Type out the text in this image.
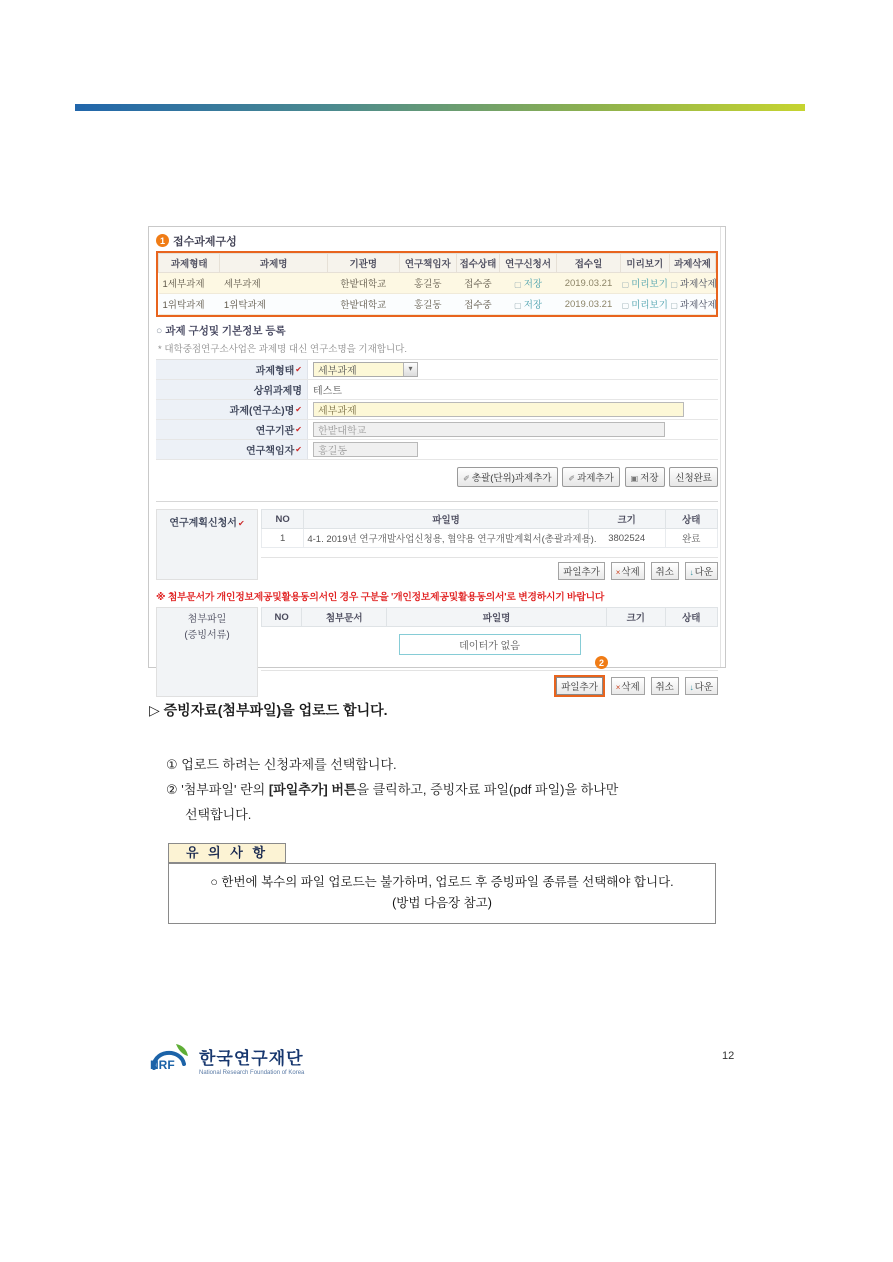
1 접수과제구성
과제형태	과제명	기관명	연구책임자	접수상태	연구신청서	접수일	미리보기	과제삭제
1세부과제	세부과제	한밭대학교	홍길동	접수중	▢ 저장	2019.03.21	▢ 미리보기	▢ 과제삭제
1위탁과제	1위탁과제	한밭대학교	홍길동	접수중	▢ 저장	2019.03.21	▢ 미리보기	▢ 과제삭제
○ 과제 구성및 기본정보 등록
* 대학중점연구소사업은 과제명 대신 연구소명을 기재합니다.
과제형태 ✔ 세부과제	▾
상위과제명 테스트
과제(연구소)명 ✔
세부과제
연구기관 ✔
한밭대학교
연구책임자 ✔
홍길동
✐ 총괄(단위)과제추가 ✐ 과제추가 ▣ 저장 신청완료
연구계획신청서✔	NO	파일명	크기	상태
1	4-1. 2019년 연구개발사업신청용, 협약용 연구개발계획서(총괄과제용).	3802524	완료
파일추가 ×삭제 취소 ↓다운
※ 첨부문서가 개인정보제공및활용동의서인 경우 구분을 '개인정보제공및활용동의서'로 변경하시기 바랍니다
첨부파일
(증빙서류)
NO	첨부문서	파일명	크기	상태
데이터가 없음
2
파일추가 ×삭제 취소 ↓다운
▷ 증빙자료(첨부파일)을 업로드 합니다.
① 업로드 하려는 신청과제를 선택합니다.
② '첨부파일' 란의 [파일추가] 버튼을 클릭하고, 증빙자료 파일(pdf 파일)을 하나만
선택합니다.
유 의 사 항
○ 한번에 복수의 파일 업로드는 불가하며, 업로드 후 증빙파일 종류를 선택해야 합니다.
(방법 다음장 참고)
NRF 한국연구재단
National Research Foundation of Korea
12
